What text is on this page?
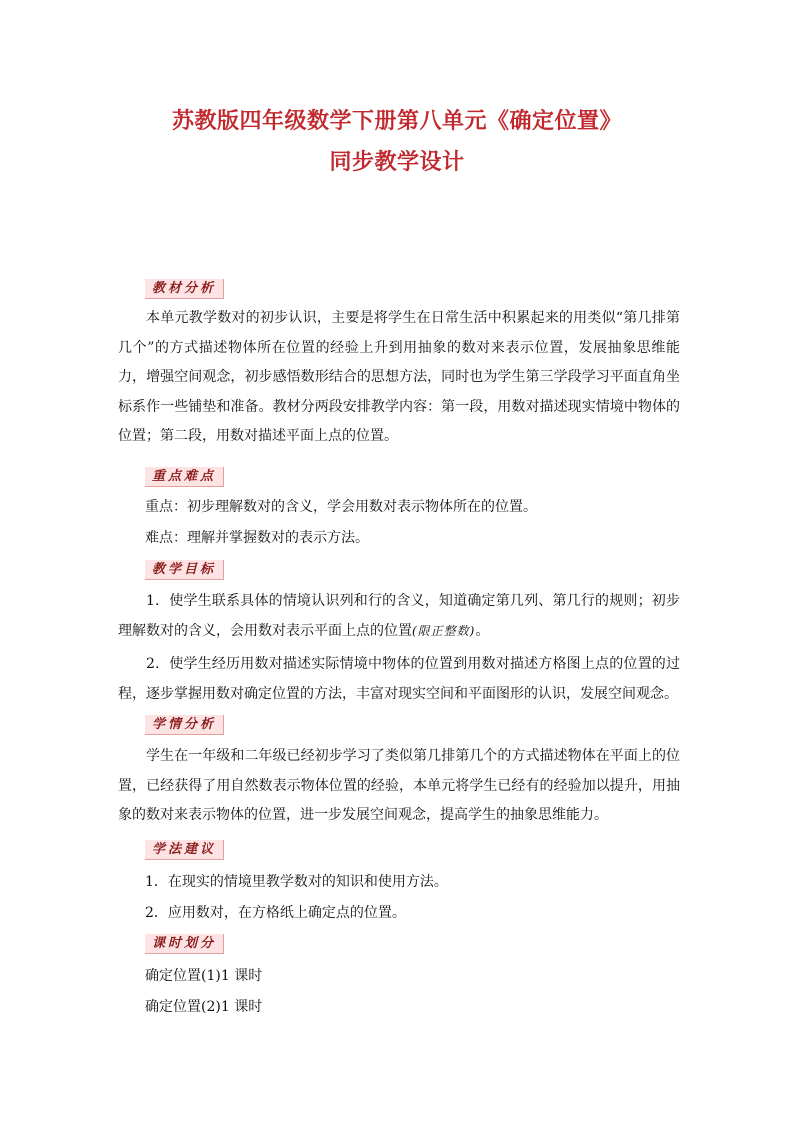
苏教版四年级数学下册第八单元《确定位置》
同步教学设计
教材分析
本单元教学数对的初步认识，主要是将学生在日常生活中积累起来的用类似“第几排第几个”的方式描述物体所在位置的经验上升到用抽象的数对来表示位置，发展抽象思维能力，增强空间观念，初步感悟数形结合的思想方法，同时也为学生第三学段学习平面直角坐标系作一些铺垫和准备。教材分两段安排教学内容：第一段，用数对描述现实情境中物体的位置；第二段，用数对描述平面上点的位置。
重点难点
重点：初步理解数对的含义，学会用数对表示物体所在的位置。
难点：理解并掌握数对的表示方法。
教学目标
1．使学生联系具体的情境认识列和行的含义，知道确定第几列、第几行的规则；初步理解数对的含义，会用数对表示平面上点的位置(限正整数)。
2．使学生经历用数对描述实际情境中物体的位置到用数对描述方格图上点的位置的过程，逐步掌握用数对确定位置的方法，丰富对现实空间和平面图形的认识，发展空间观念。
学情分析
学生在一年级和二年级已经初步学习了类似第几排第几个的方式描述物体在平面上的位置，已经获得了用自然数表示物体位置的经验，本单元将学生已经有的经验加以提升，用抽象的数对来表示物体的位置，进一步发展空间观念，提高学生的抽象思维能力。
学法建议
1．在现实的情境里教学数对的知识和使用方法。
2．应用数对，在方格纸上确定点的位置。
课时划分
确定位置(1)1 课时
确定位置(2)1 课时
